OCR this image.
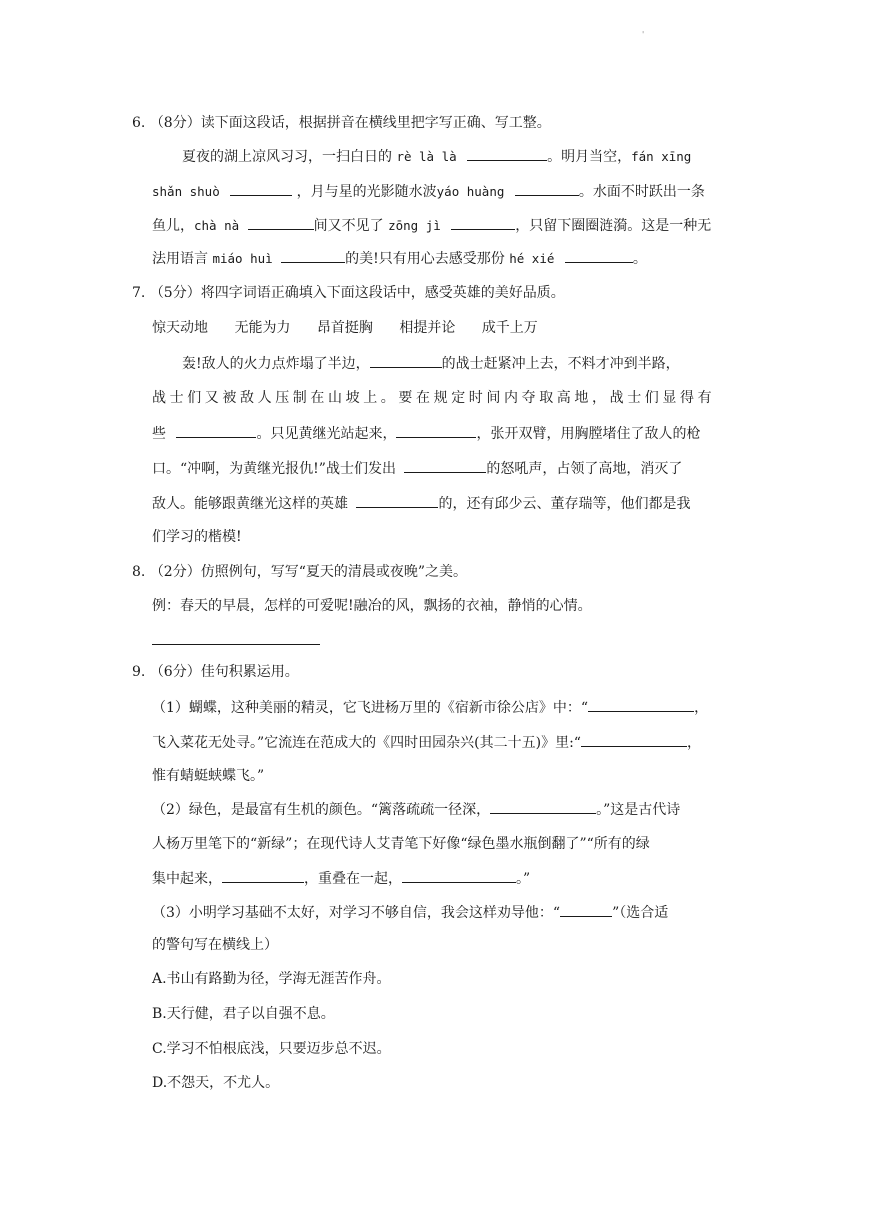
'
6. （8分）读下面这段话，根据拼音在横线里把字写正确、写工整。
夏夜的湖上凉风习习，一扫白日的 rè là là	。明月当空，fán xīng
shǎn shuò	，月与星的光影随水波yáo huàng	。水面不时跃出一条
鱼儿，chà nà	间又不见了 zōng jì	，只留下圈圈涟漪。这是一种无
法用语言 miáo huì	的美!只有用心去感受那份 hé xié	。
7. （5分）将四字词语正确填入下面这段话中，感受英雄的美好品质。
惊天动地 无能为力 昂首挺胸 相提并论 成千上万
轰!敌人的火力点炸塌了半边，	的战士赶紧冲上去，不料才冲到半路，
战士们又被敌人压制在山坡上。要在规定时间内夺取高地，战士们显得有
些	。只见黄继光站起来，	，张开双臂，用胸膛堵住了敌人的枪
口。“冲啊，为黄继光报仇!”战士们发出	的怒吼声，占领了高地，消灭了
敌人。能够跟黄继光这样的英雄	的，还有邱少云、董存瑞等，他们都是我
们学习的楷模!
8. （2分）仿照例句，写写“夏天的清晨或夜晚”之美。
例：春天的早晨，怎样的可爱呢!融冶的风，飘扬的衣袖，静悄的心情。
9. （6分）佳句积累运用。
（1）蝴蝶，这种美丽的精灵，它飞进杨万里的《宿新市徐公店》中：“	，
飞入菜花无处寻。”它流连在范成大的《四时田园杂兴(其二十五)》里:“	，
惟有蜻蜓蛱蝶飞。”
（2）绿色，是最富有生机的颜色。“篱落疏疏一径深，	。”这是古代诗
人杨万里笔下的“新绿”；在现代诗人艾青笔下好像“绿色墨水瓶倒翻了”“所有的绿
集中起来，	，重叠在一起，	。”
（3）小明学习基础不太好，对学习不够自信，我会这样劝导他：“	”（选合适
的警句写在横线上）
A.书山有路勤为径，学海无涯苦作舟。
B.天行健，君子以自强不息。
C.学习不怕根底浅，只要迈步总不迟。
D.不怨天，不尤人。
